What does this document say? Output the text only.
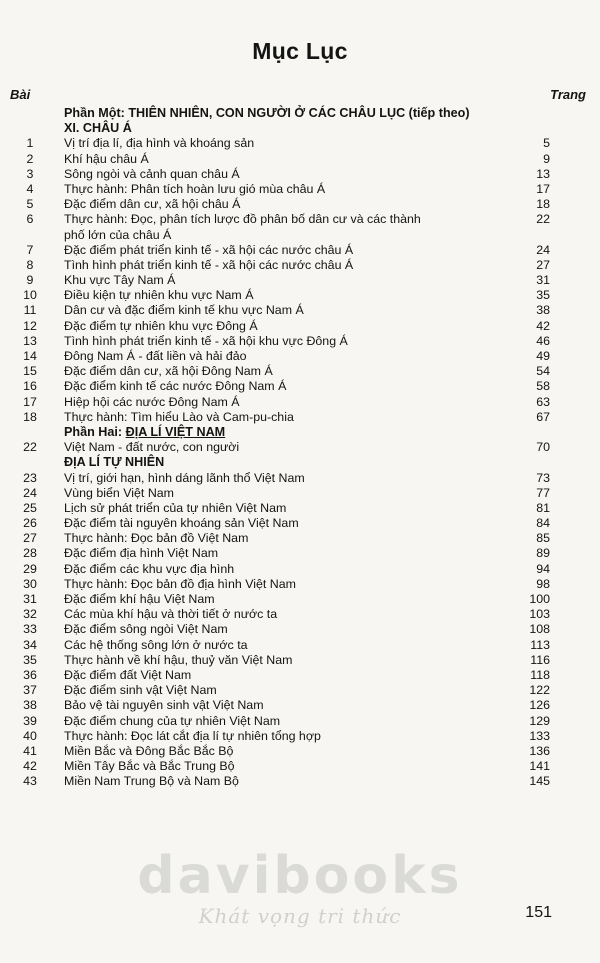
Mục Lục
Bài	Trang
Phần Một: THIÊN NHIÊN, CON NGƯỜI Ở CÁC CHÂU LỤC (tiếp theo)
XI. CHÂU Á
1 Vị trí địa lí, địa hình và khoáng sản	5
2 Khí hậu châu Á	9
3 Sông ngòi và cảnh quan châu Á	13
4 Thực hành: Phân tích hoàn lưu gió mùa châu Á	17
5 Đặc điểm dân cư, xã hội châu Á	18
6 Thực hành: Đọc, phân tích lược đồ phân bố dân cư và các thành	22
phố lớn của châu Á
7 Đặc điểm phát triển kinh tế - xã hội các nước châu Á	24
8 Tình hình phát triển kinh tế - xã hội các nước châu Á	27
9 Khu vực Tây Nam Á	31
10 Điều kiện tự nhiên khu vực Nam Á	35
11 Dân cư và đặc điểm kinh tế khu vực Nam Á	38
12 Đặc điểm tự nhiên khu vực Đông Á	42
13 Tình hình phát triển kinh tế - xã hội khu vực Đông Á	46
14 Đông Nam Á - đất liền và hải đảo	49
15 Đặc điểm dân cư, xã hội Đông Nam Á	54
16 Đặc điểm kinh tế các nước Đông Nam Á	58
17 Hiệp hội các nước Đông Nam Á	63
18 Thực hành: Tìm hiểu Lào và Cam-pu-chia	67
Phần Hai: ĐỊA LÍ VIỆT NAM
22 Việt Nam - đất nước, con người	70
ĐỊA LÍ TỰ NHIÊN
23 Vị trí, giới hạn, hình dáng lãnh thổ Việt Nam	73
24 Vùng biển Việt Nam	77
25 Lịch sử phát triển của tự nhiên Việt Nam	81
26 Đặc điểm tài nguyên khoáng sản Việt Nam	84
27 Thực hành: Đọc bản đồ Việt Nam	85
28 Đặc điểm địa hình Việt Nam	89
29 Đặc điểm các khu vực địa hình	94
30 Thực hành: Đọc bản đồ địa hình Việt Nam	98
31 Đặc điểm khí hậu Việt Nam	100
32 Các mùa khí hậu và thời tiết ở nước ta	103
33 Đặc điểm sông ngòi Việt Nam	108
34 Các hệ thống sông lớn ở nước ta	113
35 Thực hành về khí hậu, thuỷ văn Việt Nam	116
36 Đặc điểm đất Việt Nam	118
37 Đặc điểm sinh vật Việt Nam	122
38 Bảo vệ tài nguyên sinh vật Việt Nam	126
39 Đặc điểm chung của tự nhiên Việt Nam	129
40 Thực hành: Đọc lát cắt địa lí tự nhiên tổng hợp	133
41 Miền Bắc và Đông Bắc Bắc Bộ	136
42 Miền Tây Bắc và Bắc Trung Bộ	141
43 Miền Nam Trung Bộ và Nam Bộ	145
davibooks
Khát vọng tri thức	151
